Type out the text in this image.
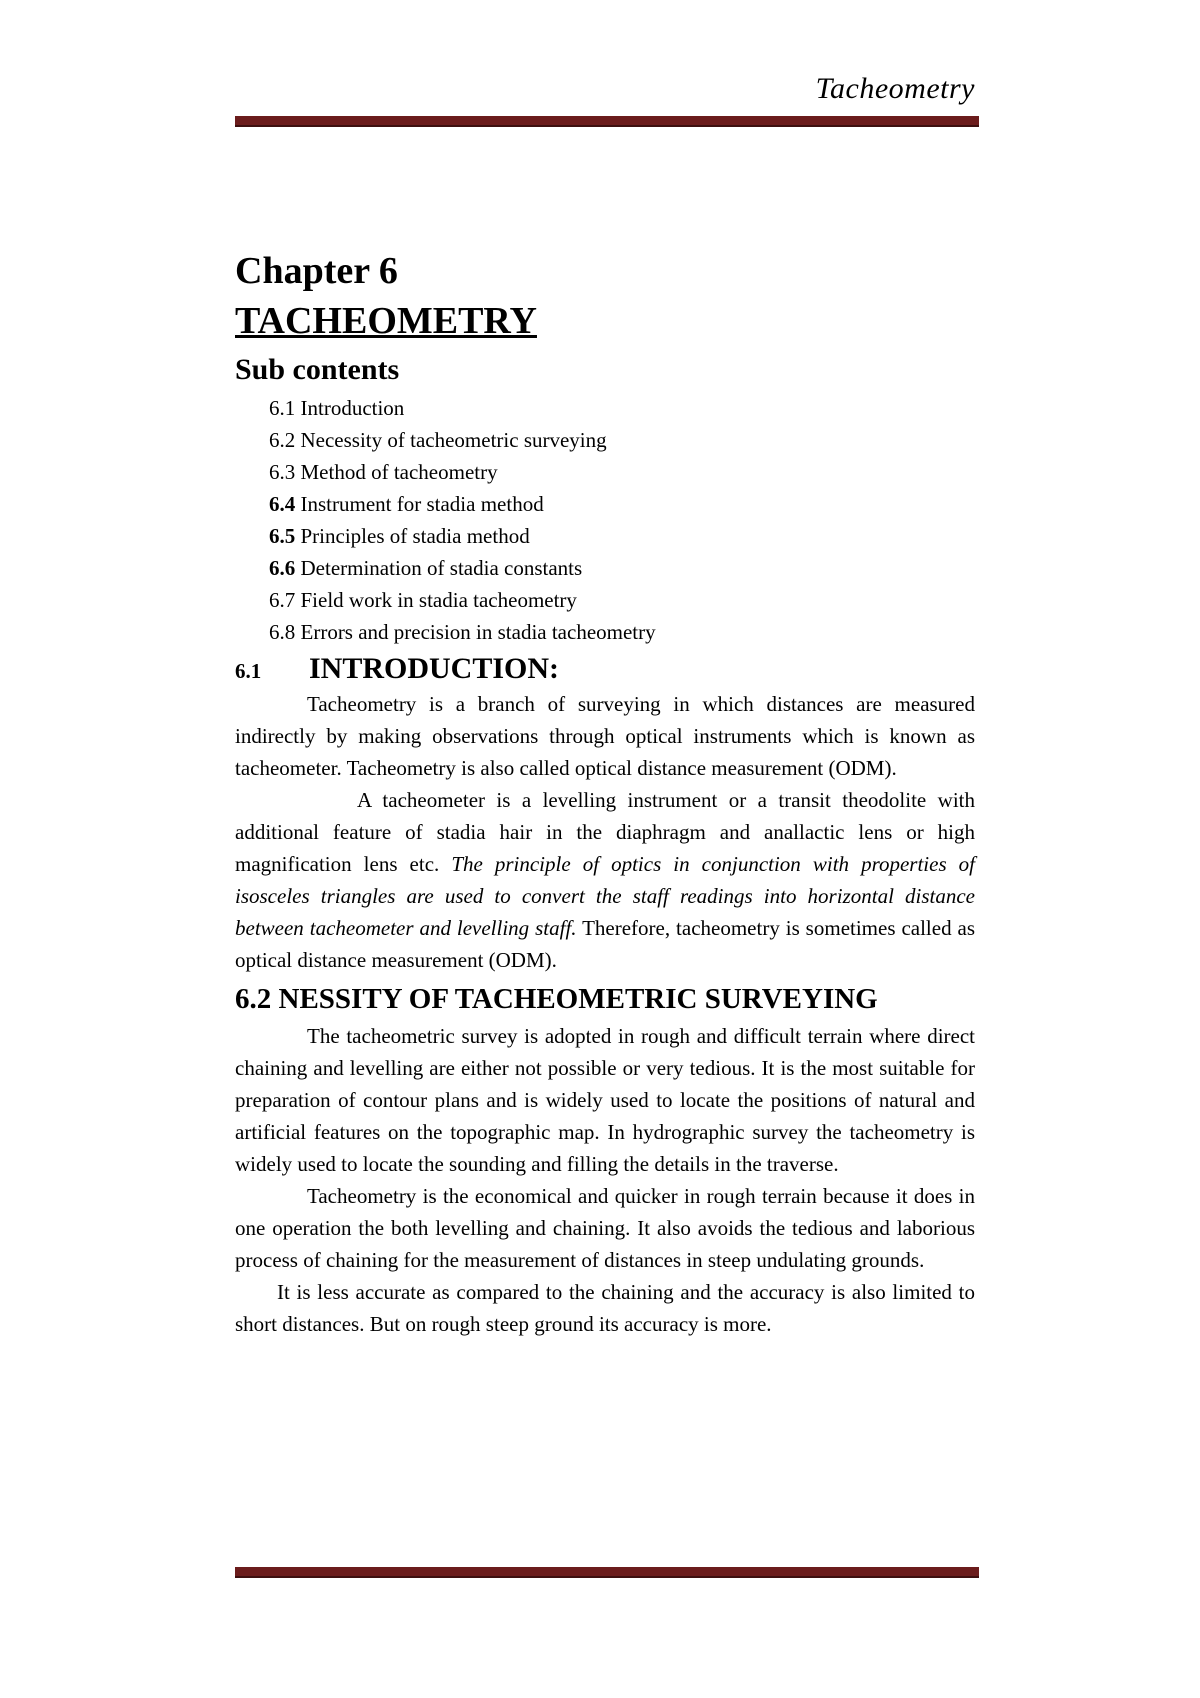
Tacheometry
Chapter 6
TACHEOMETRY
Sub contents
6.1 Introduction
6.2 Necessity of tacheometric surveying
6.3 Method of tacheometry
6.4 Instrument for stadia method
6.5 Principles of stadia method
6.6 Determination of stadia constants
6.7 Field work in stadia tacheometry
6.8 Errors and precision in stadia tacheometry
6.1	INTRODUCTION:

Tacheometry is a branch of surveying in which distances are measured indirectly by making observations through optical instruments which is known as tacheometer. Tacheometry is also called optical distance measurement (ODM).

A tacheometer is a levelling instrument or a transit theodolite with additional feature of stadia hair in the diaphragm and anallactic lens or high magnification lens etc. The principle of optics in conjunction with properties of isosceles triangles are used to convert the staff readings into horizontal distance between tacheometer and levelling staff. Therefore, tacheometry is sometimes called as optical distance measurement (ODM).

6.2 NESSITY OF TACHEOMETRIC SURVEYING

The tacheometric survey is adopted in rough and difficult terrain where direct chaining and levelling are either not possible or very tedious. It is the most suitable for preparation of contour plans and is widely used to locate the positions of natural and artificial features on the topographic map. In hydrographic survey the tacheometry is widely used to locate the sounding and filling the details in the traverse.

Tacheometry is the economical and quicker in rough terrain because it does in one operation the both levelling and chaining. It also avoids the tedious and laborious process of chaining for the measurement of distances in steep undulating grounds.

It is less accurate as compared to the chaining and the accuracy is also limited to short distances. But on rough steep ground its accuracy is more.
